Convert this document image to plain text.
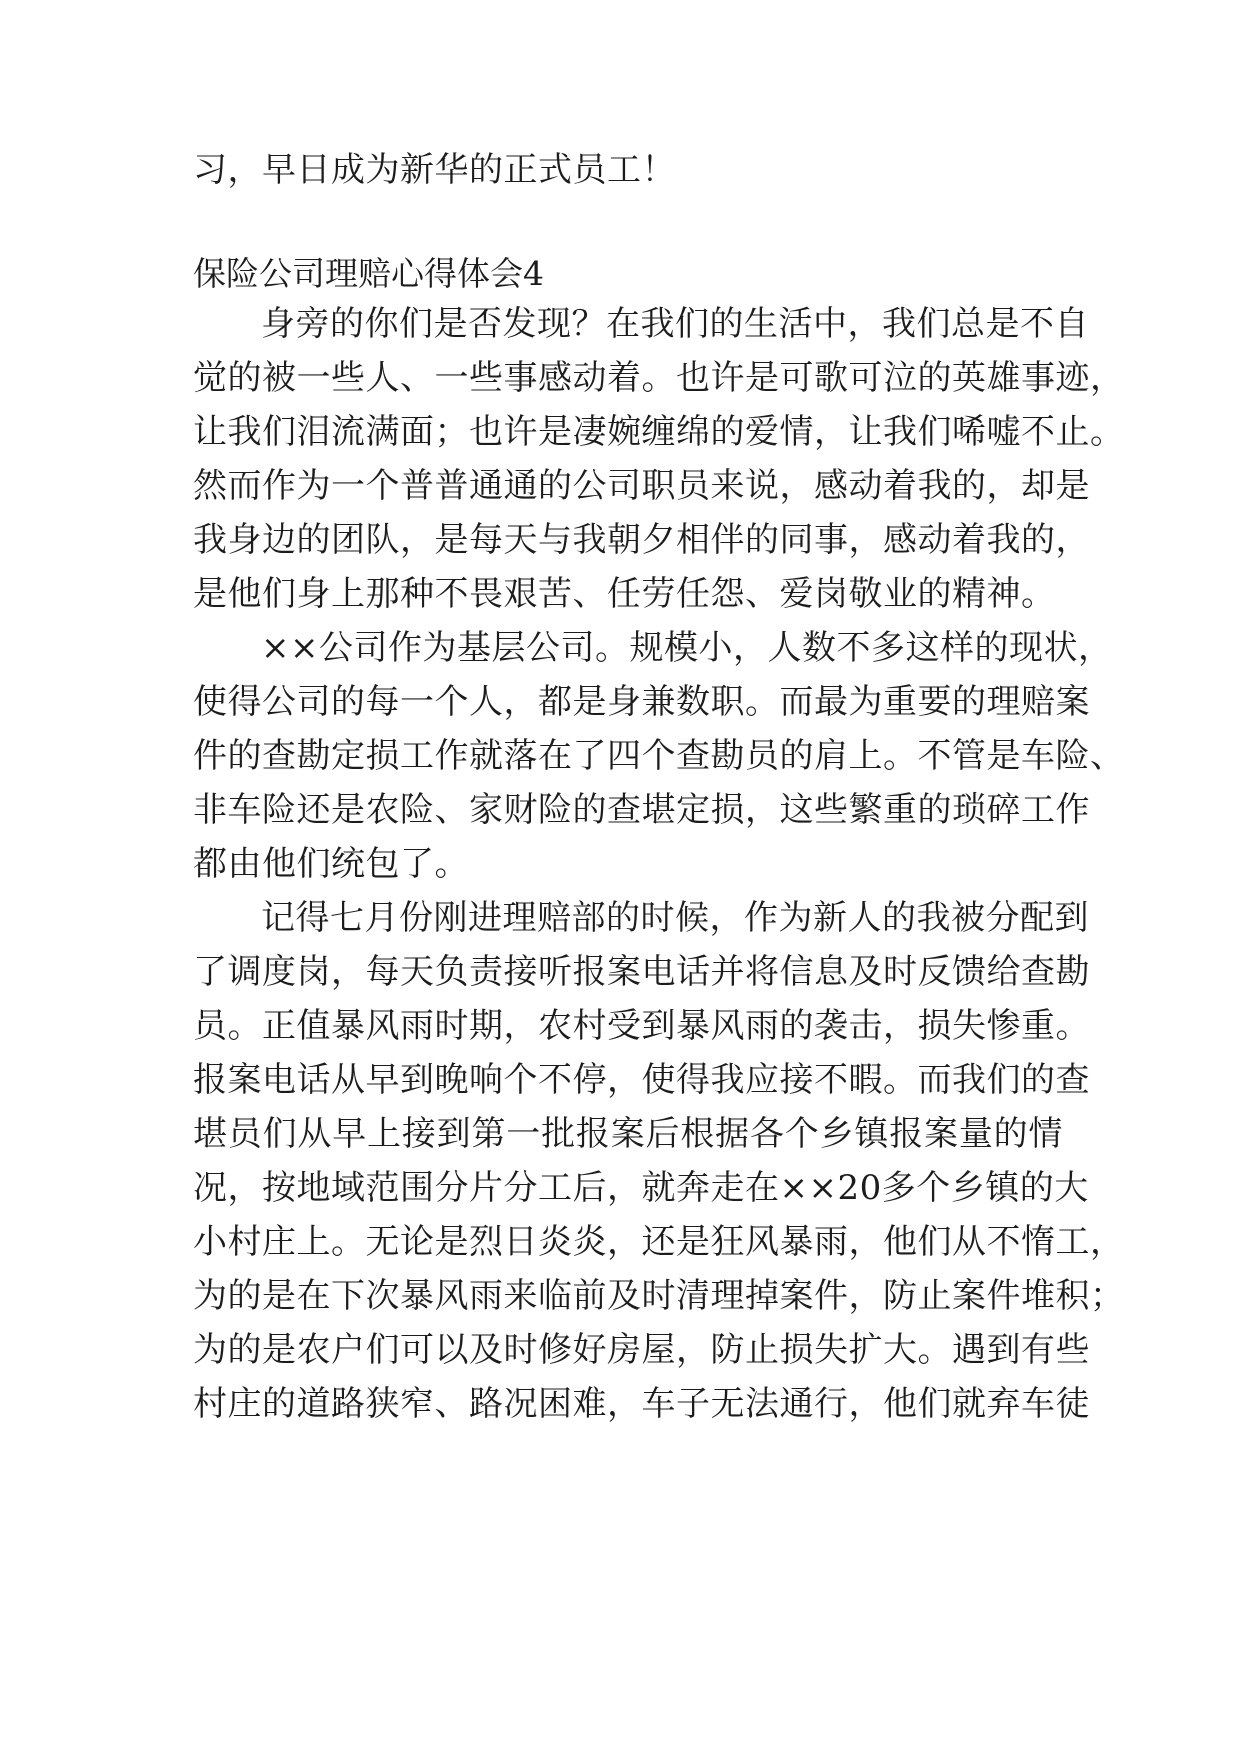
习，早日成为新华的正式员工！
保险公司理赔心得体会4
身旁的你们是否发现？在我们的生活中，我们总是不自
觉的被一些人、一些事感动着。也许是可歌可泣的英雄事迹，
让我们泪流满面；也许是凄婉缠绵的爱情，让我们唏嘘不止。
然而作为一个普普通通的公司职员来说，感动着我的，却是
我身边的团队，是每天与我朝夕相伴的同事，感动着我的，
是他们身上那种不畏艰苦、任劳任怨、爱岗敬业的精神。
××公司作为基层公司。规模小，人数不多这样的现状，
使得公司的每一个人，都是身兼数职。而最为重要的理赔案
件的查勘定损工作就落在了四个查勘员的肩上。不管是车险、
非车险还是农险、家财险的查堪定损，这些繁重的琐碎工作
都由他们统包了。
记得七月份刚进理赔部的时候，作为新人的我被分配到
了调度岗，每天负责接听报案电话并将信息及时反馈给查勘
员。正值暴风雨时期，农村受到暴风雨的袭击，损失惨重。
报案电话从早到晚响个不停，使得我应接不暇。而我们的查
堪员们从早上接到第一批报案后根据各个乡镇报案量的情
况，按地域范围分片分工后，就奔走在××20多个乡镇的大
小村庄上。无论是烈日炎炎，还是狂风暴雨，他们从不惰工，
为的是在下次暴风雨来临前及时清理掉案件，防止案件堆积；
为的是农户们可以及时修好房屋，防止损失扩大。遇到有些
村庄的道路狭窄、路况困难，车子无法通行，他们就弃车徒
